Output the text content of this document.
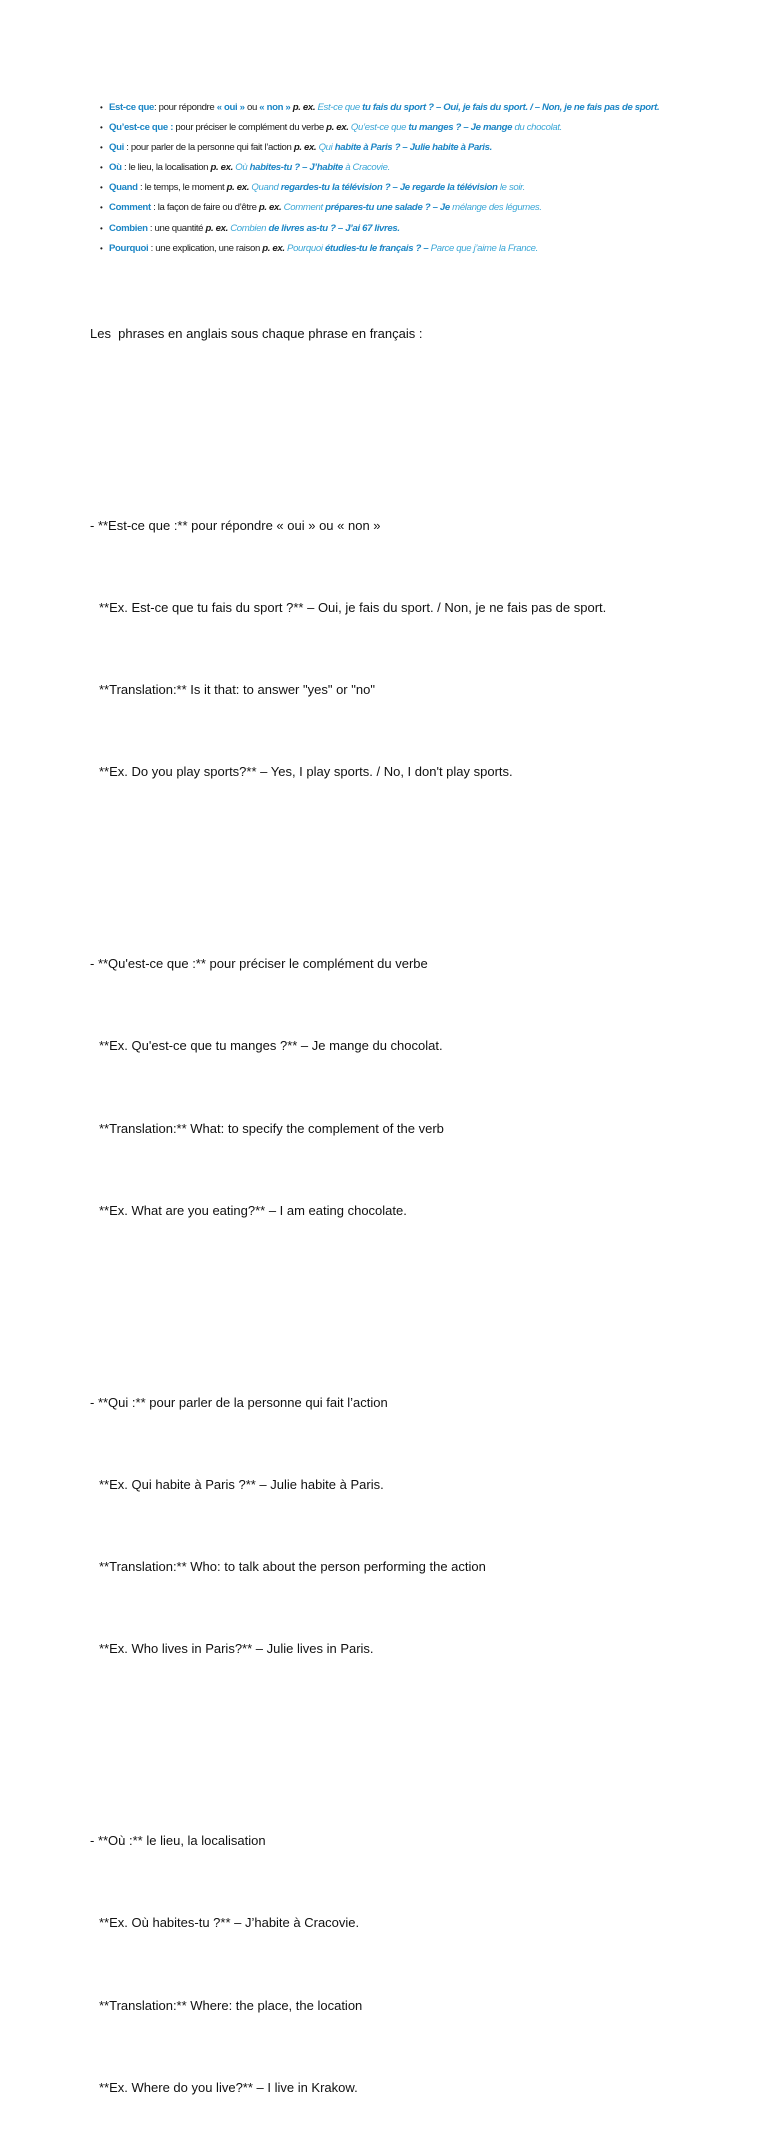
• Est-ce que: pour répondre « oui » ou « non » p. ex. Est-ce que tu fais du sport ? – Oui, je fais du sport. / – Non, je ne fais pas de sport.
• Qu’est-ce que : pour préciser le complément du verbe p. ex. Qu’est-ce que tu manges ? – Je mange du chocolat.
• Qui : pour parler de la personne qui fait l’action p. ex. Qui habite à Paris ? – Julie habite à Paris.
• Où : le lieu, la localisation p. ex. Où habites-tu ? – J’habite à Cracovie.
• Quand : le temps, le moment p. ex. Quand regardes-tu la télévision ? – Je regarde la télévision le soir.
• Comment : la façon de faire ou d’être p. ex. Comment prépares-tu une salade ? – Je mélange des légumes.
• Combien : une quantité p. ex. Combien de livres as-tu ? – J’ai 67 livres.
• Pourquoi : une explication, une raison p. ex. Pourquoi étudies-tu le français ? – Parce que j’aime la France.

Les  phrases en anglais sous chaque phrase en français :

- **Est-ce que :** pour répondre « oui » ou « non »

**Ex. Est-ce que tu fais du sport ?** – Oui, je fais du sport. / Non, je ne fais pas de sport.

**Translation:** Is it that: to answer "yes" or "no"

**Ex. Do you play sports?** – Yes, I play sports. / No, I don't play sports.

- **Qu'est-ce que :** pour préciser le complément du verbe

**Ex. Qu'est-ce que tu manges ?** – Je mange du chocolat.

**Translation:** What: to specify the complement of the verb

**Ex. What are you eating?** – I am eating chocolate.

- **Qui :** pour parler de la personne qui fait l’action

**Ex. Qui habite à Paris ?** – Julie habite à Paris.

**Translation:** Who: to talk about the person performing the action

**Ex. Who lives in Paris?** – Julie lives in Paris.

- **Où :** le lieu, la localisation

**Ex. Où habites-tu ?** – J’habite à Cracovie.

**Translation:** Where: the place, the location

**Ex. Where do you live?** – I live in Krakow.
